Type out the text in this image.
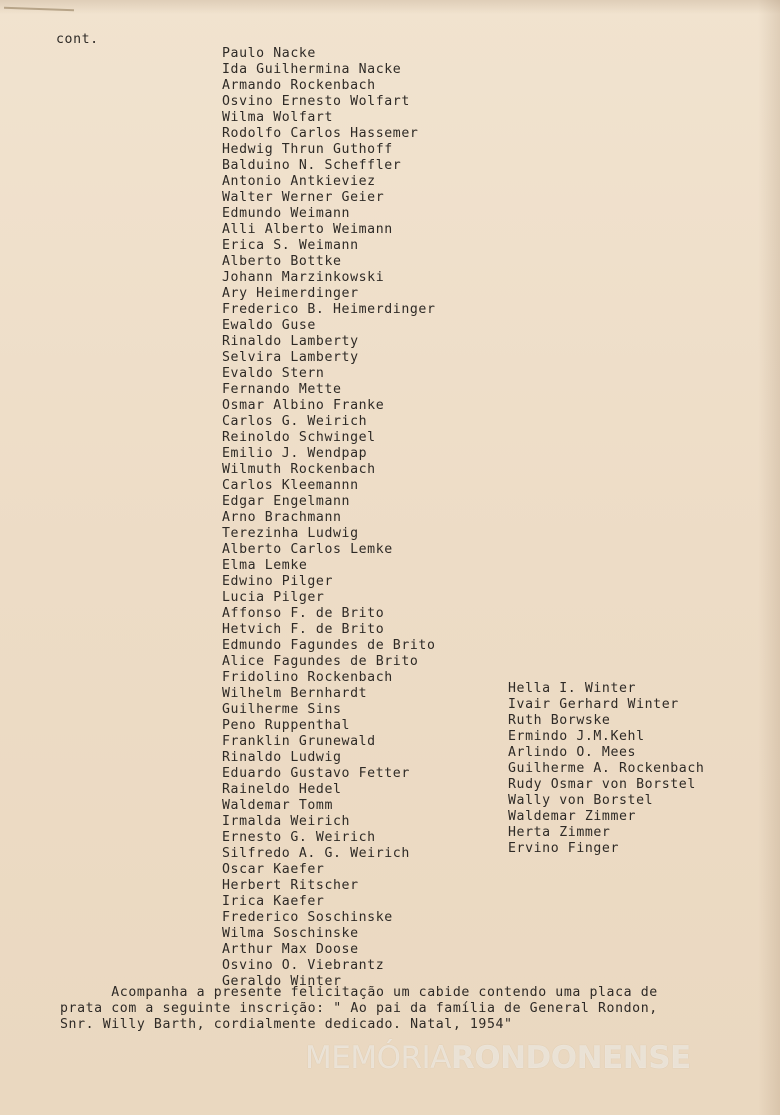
cont.
Paulo Nacke
Ida Guilhermina Nacke
Armando Rockenbach
Osvino Ernesto Wolfart
Wilma Wolfart
Rodolfo Carlos Hassemer
Hedwig Thrun Guthoff
Balduino N. Scheffler
Antonio Antkieviez
Walter Werner Geier
Edmundo Weimann
Alli Alberto Weimann
Erica S. Weimann
Alberto Bottke
Johann Marzinkowski
Ary Heimerdinger
Frederico B. Heimerdinger
Ewaldo Guse
Rinaldo Lamberty
Selvira Lamberty
Evaldo Stern
Fernando Mette
Osmar Albino Franke
Carlos G. Weirich
Reinoldo Schwingel
Emilio J. Wendpap
Wilmuth Rockenbach
Carlos Kleemannn
Edgar Engelmann
Arno Brachmann
Terezinha Ludwig
Alberto Carlos Lemke
Elma Lemke
Edwino Pilger
Lucia Pilger
Affonso F. de Brito
Hetvich F. de Brito
Edmundo Fagundes de Brito
Alice Fagundes de Brito
Fridolino Rockenbach
Wilhelm Bernhardt
Guilherme Sins
Peno Ruppenthal
Franklin Grunewald
Rinaldo Ludwig
Eduardo Gustavo Fetter
Raineldo Hedel
Waldemar Tomm
Irmalda Weirich
Ernesto G. Weirich
Silfredo A. G. Weirich
Oscar Kaefer
Herbert Ritscher
Irica Kaefer
Frederico Soschinske
Wilma Soschinske
Arthur Max Doose
Osvino O. Viebrantz
Geraldo Winter
Hella I. Winter
Ivair Gerhard Winter
Ruth Borwske
Ermindo J.M.Kehl
Arlindo O. Mees
Guilherme A. Rockenbach
Rudy Osmar von Borstel
Wally von Borstel
Waldemar Zimmer
Herta Zimmer
Ervino Finger
Acompanha a presente felicitação um cabide contendo uma placa de
prata com a seguinte inscrição: " Ao pai da família de General Rondon,
Snr. Willy Barth, cordialmente dedicado. Natal, 1954"
MEMÓRIARONDONENSE
